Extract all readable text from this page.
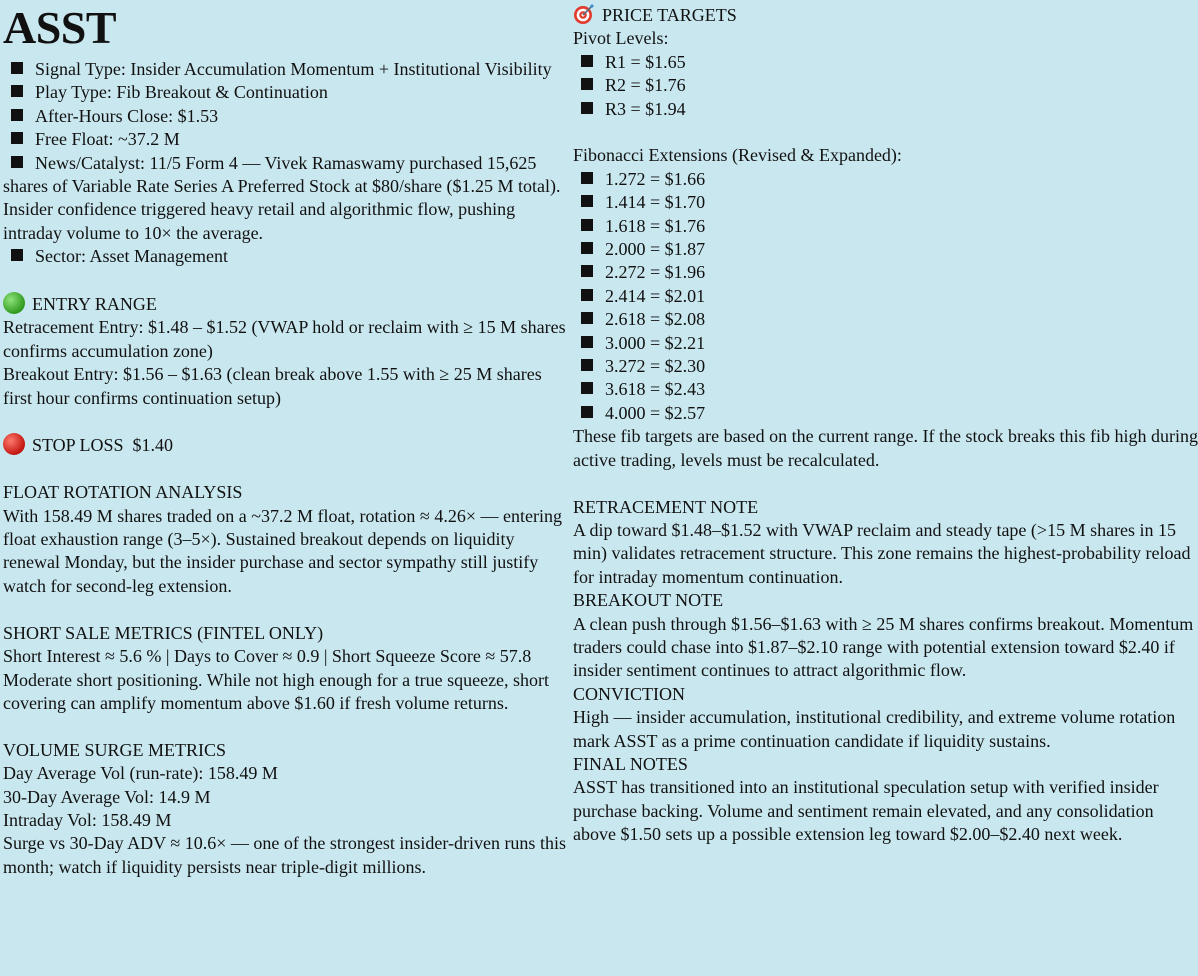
ASST

Signal Type: Insider Accumulation Momentum + Institutional Visibility

Play Type: Fib Breakout & Continuation

After-Hours Close: $1.53

Free Float: ~37.2 M

News/Catalyst: 11/5 Form 4 — Vivek Ramaswamy purchased 15,625 shares of Variable Rate Series A Preferred Stock at $80/share ($1.25 M total). Insider confidence triggered heavy retail and algorithmic flow, pushing intraday volume to 10× the average.

Sector: Asset Management

ENTRY RANGE

Retracement Entry: $1.48 – $1.52 (VWAP hold or reclaim with ≥ 15 M shares confirms accumulation zone)

Breakout Entry: $1.56 – $1.63 (clean break above 1.55 with ≥ 25 M shares first hour confirms continuation setup)

STOP LOSS $1.40

FLOAT ROTATION ANALYSIS

With 158.49 M shares traded on a ~37.2 M float, rotation ≈ 4.26× — entering float exhaustion range (3–5×). Sustained breakout depends on liquidity renewal Monday, but the insider purchase and sector sympathy still justify watch for second-leg extension.

SHORT SALE METRICS (FINTEL ONLY)

Short Interest ≈ 5.6 % | Days to Cover ≈ 0.9 | Short Squeeze Score ≈ 57.8

Moderate short positioning. While not high enough for a true squeeze, short covering can amplify momentum above $1.60 if fresh volume returns.

VOLUME SURGE METRICS

Day Average Vol (run-rate): 158.49 M

30-Day Average Vol: 14.9 M

Intraday Vol: 158.49 M

Surge vs 30-Day ADV ≈ 10.6× — one of the strongest insider-driven runs this month; watch if liquidity persists near triple-digit millions.

PRICE TARGETS

Pivot Levels:

R1 = $1.65

R2 = $1.76

R3 = $1.94

Fibonacci Extensions (Revised & Expanded):

1.272 = $1.66

1.414 = $1.70

1.618 = $1.76

2.000 = $1.87

2.272 = $1.96

2.414 = $2.01

2.618 = $2.08

3.000 = $2.21

3.272 = $2.30

3.618 = $2.43

4.000 = $2.57

These fib targets are based on the current range. If the stock breaks this fib high during active trading, levels must be recalculated.

RETRACEMENT NOTE

A dip toward $1.48–$1.52 with VWAP reclaim and steady tape (>15 M shares in 15 min) validates retracement structure. This zone remains the highest-probability reload for intraday momentum continuation.

BREAKOUT NOTE

A clean push through $1.56–$1.63 with ≥ 25 M shares confirms breakout. Momentum traders could chase into $1.87–$2.10 range with potential extension toward $2.40 if insider sentiment continues to attract algorithmic flow.

CONVICTION

High — insider accumulation, institutional credibility, and extreme volume rotation mark ASST as a prime continuation candidate if liquidity sustains.

FINAL NOTES

ASST has transitioned into an institutional speculation setup with verified insider purchase backing. Volume and sentiment remain elevated, and any consolidation above $1.50 sets up a possible extension leg toward $2.00–$2.40 next week.
